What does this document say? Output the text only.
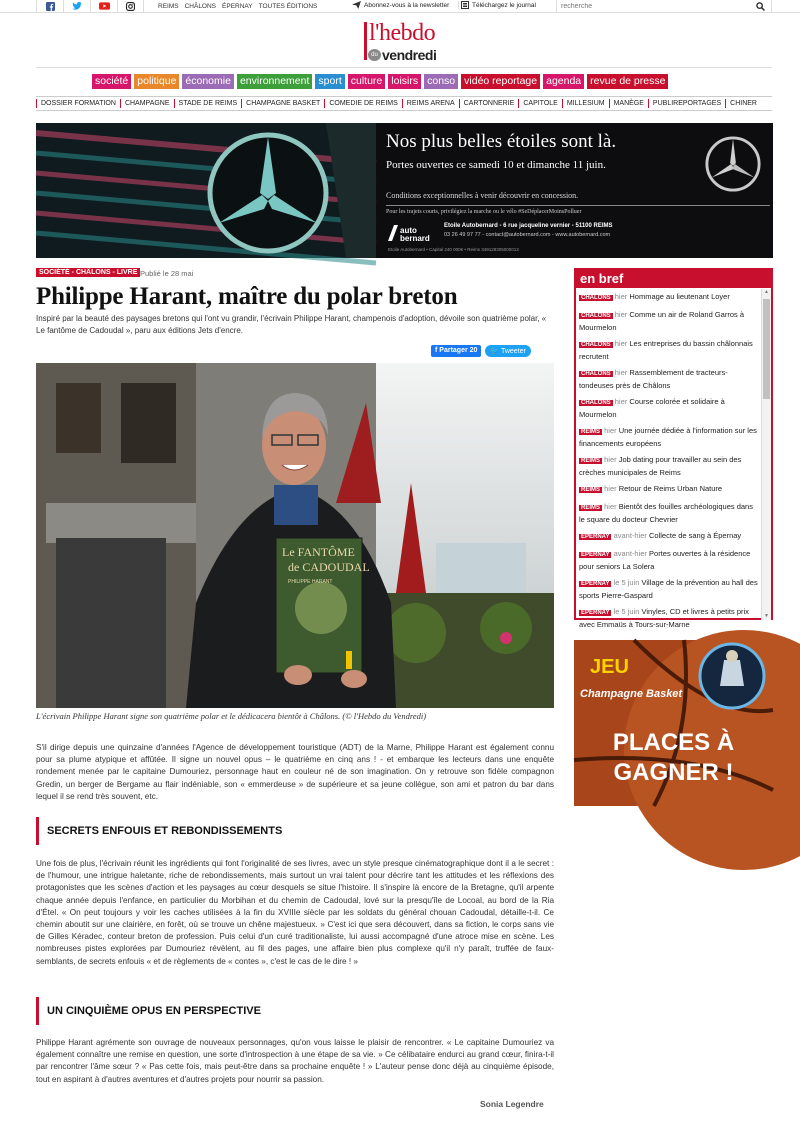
REIMS CHÂLONS ÉPERNAY TOUTES ÉDITIONS	Abonnez-vous à la newsletter	Téléchargez le journal
recherche
l'hebdo
du vendredi
société politique économie environnement sport culture loisirs conso vidéo reportage agenda revue de presse
DOSSIER FORMATION	CHAMPAGNE	STADE DE REIMS	CHAMPAGNE BASKET	COMEDIE DE REIMS	REIMS ARENA	CARTONNERIE	CAPITOLE	MILLESIUM	MANÈGE	PUBLIREPORTAGES	CHINER
Nos plus belles étoiles sont là.
Portes ouvertes ce samedi 10 et dimanche 11 juin.
Conditions exceptionnelles à venir découvrir en concession.
Pour les trajets courts, privilégiez la marche ou le vélo #SeDéplacerMoinsPolluer
auto
bernard
Etoile Autobernard - 6 rue jacqueline vernier - 51100 REIMS
03 26 49 97 77 - contact@autobernard.com - www.autobernard.com
Etoile Autobernard • Capital 240 000€ • Reims 349128305000013
SOCIÉTÉ - CHÂLONS - LIVRE Publié le 28 mai
Philippe Harant, maître du polar breton
Inspiré par la beauté des paysages bretons qui l'ont vu grandir, l'écrivain Philippe Harant, champenois d'adoption, dévoile son quatrième polar, « Le fantôme de Cadoudal », paru aux éditions Jets d'encre.
f Partager 20	🐦 Tweeter
Le FANTÔME
de CADOUDAL
PHILIPPE HARANT
L'écrivain Philippe Harant signe son quatrième polar et le dédicacera bientôt à Châlons. (© l'Hebdo du Vendredi)
S'il dirige depuis une quinzaine d'années l'Agence de développement touristique (ADT) de la Marne, Philippe Harant est également connu pour sa plume atypique et affûtée. Il signe un nouvel opus – le quatrième en cinq ans ! - et embarque les lecteurs dans une enquête rondement menée par le capitaine Dumouriez, personnage haut en couleur né de son imagination. On y retrouve son fidèle compagnon Gredin, un berger de Bergame au flair indéniable, son « emmerdeuse » de supérieure et sa jeune collègue, son ami et patron du bar dans lequel il se rend très souvent, etc.
SECRETS ENFOUIS ET REBONDISSEMENTS
Une fois de plus, l'écrivain réunit les ingrédients qui font l'originalité de ses livres, avec un style presque cinématographique dont il a le secret : de l'humour, une intrigue haletante, riche de rebondissements, mais surtout un vrai talent pour décrire tant les attitudes et les réflexions des protagonistes que les scènes d'action et les paysages au cœur desquels se situe l'histoire. Il s'inspire là encore de la Bretagne, qu'il arpente chaque année depuis l'enfance, en particulier du Morbihan et du chemin de Cadoudal, lové sur la presqu'île de Locoal, au bord de la Ria d'Étel. « On peut toujours y voir les caches utilisées à la fin du XVIIIe siècle par les soldats du général chouan Cadoudal, détaille-t-il. Ce chemin aboutit sur une clairière, en forêt, où se trouve un chêne majestueux. » C'est ici que sera découvert, dans sa fiction, le corps sans vie de Gilles Kéradec, conteur breton de profession. Puis celui d'un curé traditionaliste, lui aussi accompagné d'une atroce mise en scène. Les nombreuses pistes explorées par Dumouriez révèlent, au fil des pages, une affaire bien plus complexe qu'il n'y paraît, truffée de faux-semblants, de secrets enfouis « et de règlements de « contes », c'est le cas de le dire ! »
UN CINQUIÈME OPUS EN PERSPECTIVE
Philippe Harant agrémente son ouvrage de nouveaux personnages, qu'on vous laisse le plaisir de rencontrer. « Le capitaine Dumouriez va également connaître une remise en question, une sorte d'introspection à une étape de sa vie. » Ce célibataire endurci au grand cœur, finira-t-il par rencontrer l'âme sœur ? « Pas cette fois, mais peut-être dans sa prochaine enquête ! » L'auteur pense donc déjà au cinquième épisode, tout en aspirant à d'autres aventures et d'autres projets pour nourrir sa passion.
Sonia Legendre
en bref
CHÂLONS hier Hommage au lieutenant Loyer
CHÂLONS hier Comme un air de Roland Garros à Mourmelon
CHÂLONS hier Les entreprises du bassin châlonnais recrutent
CHÂLONS hier Rassemblement de tracteurs-tondeuses près de Châlons
CHÂLONS hier Course colorée et solidaire à Mourmelon
REIMS hier Une journée dédiée à l'information sur les financements européens
REIMS hier Job dating pour travailler au sein des crèches municipales de Reims
REIMS hier Retour de Reims Urban Nature
REIMS hier Bientôt des fouilles archéologiques dans le square du docteur Chevrier
ÉPERNAY avant-hier Collecte de sang à Épernay
ÉPERNAY avant-hier Portes ouvertes à la résidence pour seniors La Solera
ÉPERNAY le 5 juin Village de la prévention au hall des sports Pierre-Gaspard
ÉPERNAY le 5 juin Vinyles, CD et livres à petits prix avec Emmaüs à Tours-sur-Marne
▲
▼
JEU
Champagne Basket
PLACES À
GAGNER !
